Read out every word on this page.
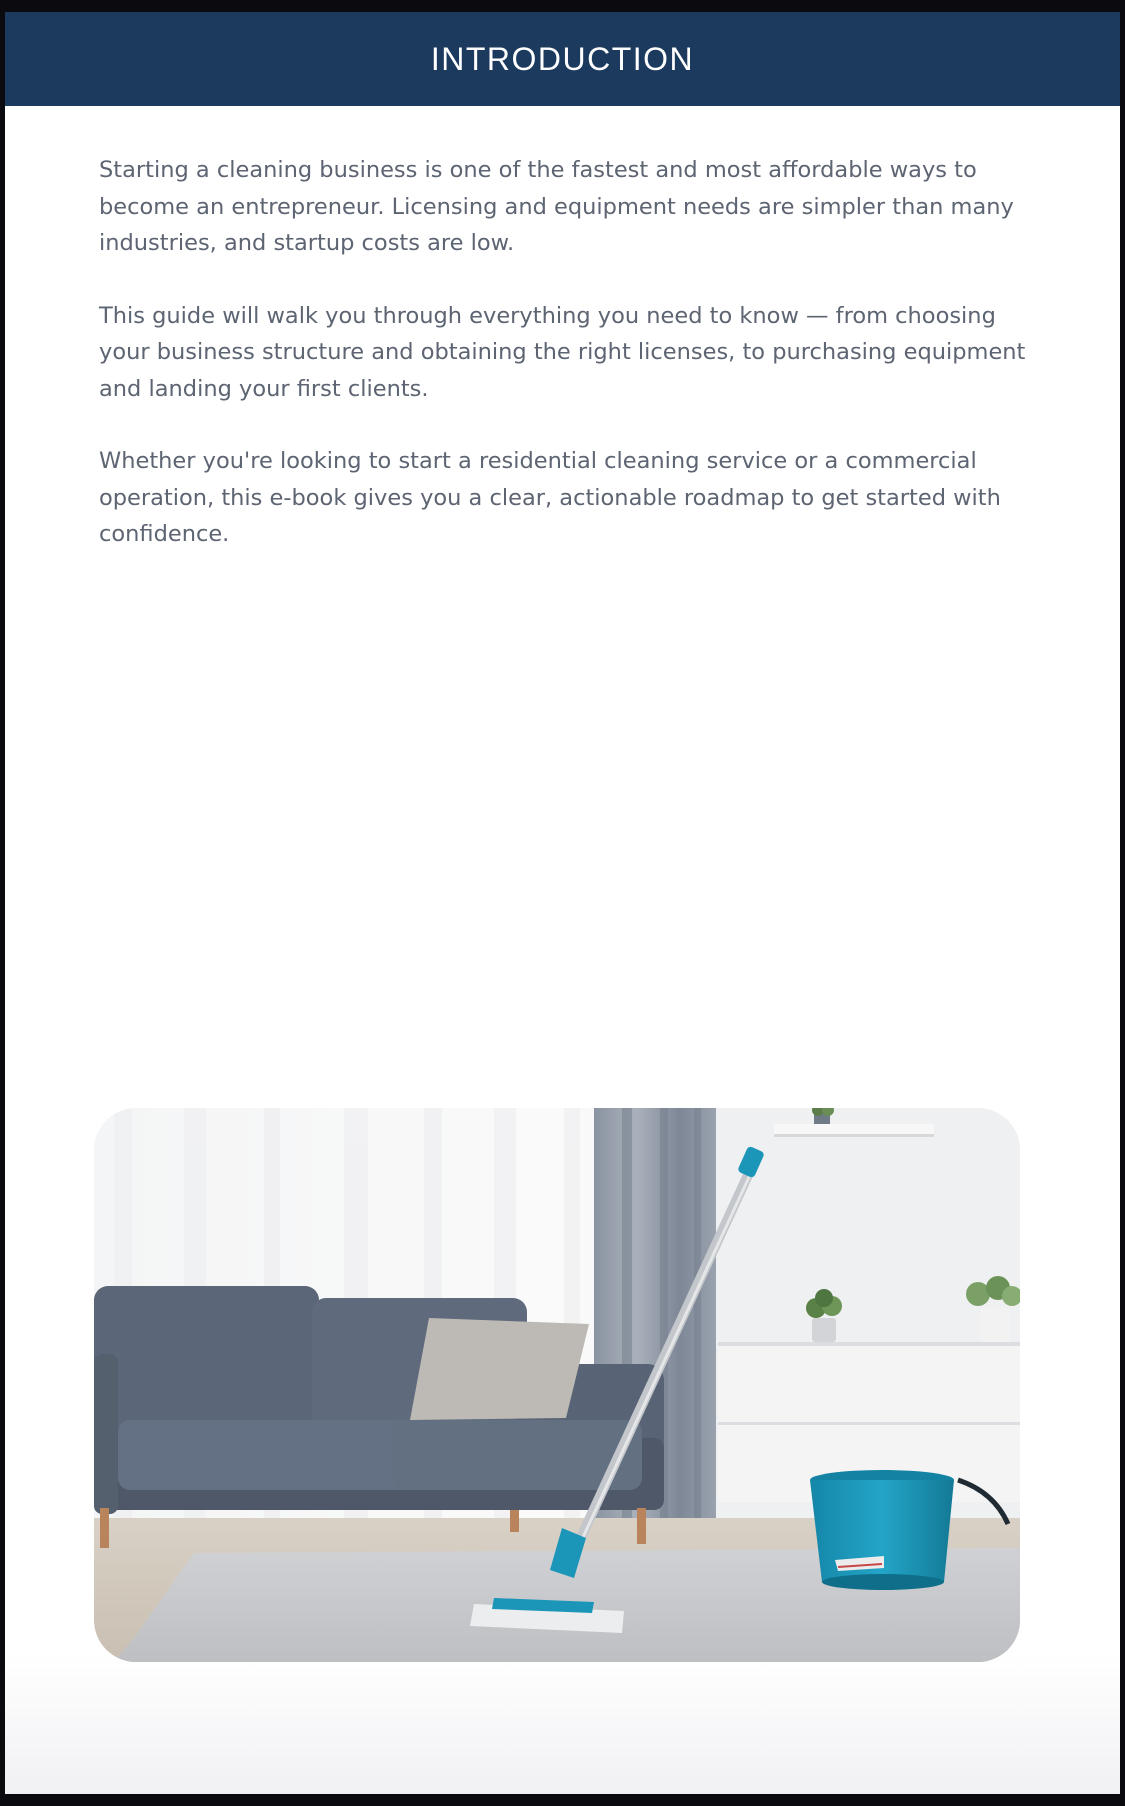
INTRODUCTION

Starting a cleaning business is one of the fastest and most affordable ways to become an entrepreneur. Licensing and equipment needs are simpler than many industries, and startup costs are low.

This guide will walk you through everything you need to know — from choosing your business structure and obtaining the right licenses, to purchasing equipment and landing your first clients.

Whether you're looking to start a residential cleaning service or a commercial operation, this e-book gives you a clear, actionable roadmap to get started with confidence.
